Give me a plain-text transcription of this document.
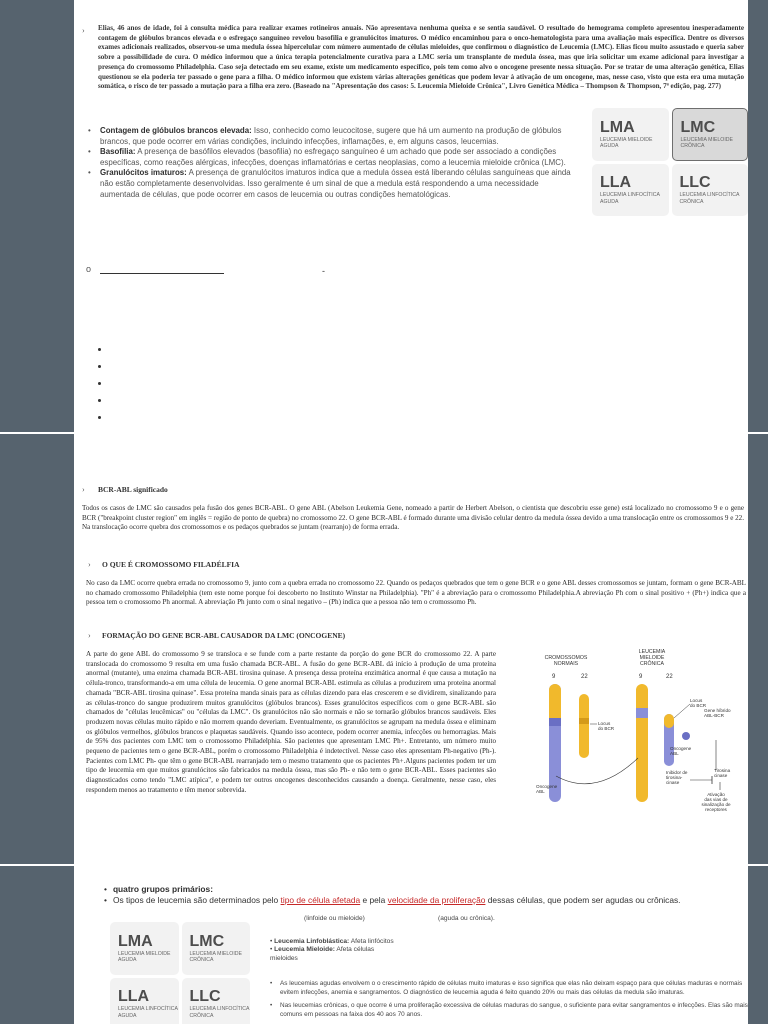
› Elias, 46 anos de idade, foi à consulta médica para realizar exames rotineiros anuais. Não apresentava nenhuma queixa e se sentia saudável. O resultado do hemograma completo apresentou inesperadamente contagem de glóbulos brancos elevada e o esfregaço sanguíneo revelou basofilia e granulócitos imaturos. O médico encaminhou para o onco-hematologista para uma avaliação mais específica. Dentre os diversos exames adicionais realizados, observou-se uma medula óssea hipercelular com número aumentado de células mieloides, que confirmou o diagnóstico de Leucemia (LMC). Elias ficou muito assustado e queria saber sobre a possibilidade de cura. O médico informou que a única terapia potencialmente curativa para a LMC seria um transplante de medula óssea, mas que iria solicitar um exame adicional para investigar a presença do cromossomo Philadelphia. Caso seja detectado em seu exame, existe um medicamento específico, pois tem como alvo o oncogene presente nessa situação. Por se tratar de uma alteração genética, Elias questionou se ela poderia ter passado o gene para a filha. O médico informou que existem várias alterações genéticas que podem levar à ativação de um oncogene, mas, nesse caso, visto que esta era uma mutação somática, o risco de ter passado a mutação para a filha era zero. (Baseado na "Apresentação dos casos: 5. Leucemia Mieloide Crônica", Livro Genética Médica – Thompson & Thompson, 7ª edição, pag. 277)

• Contagem de glóbulos brancos elevada: Isso, conhecido como leucocitose, sugere que há um aumento na produção de glóbulos brancos, que pode ocorrer em várias condições, incluindo infecções, inflamações, e, em alguns casos, leucemias.
• Basofilia: A presença de basófilos elevados (basofilia) no esfregaço sanguíneo é um achado que pode ser associado a condições específicas, como reações alérgicas, infecções, doenças inflamatórias e certas neoplasias, como a leucemia mieloide crônica (LMC).
• Granulócitos imaturos: A presença de granulócitos imaturos indica que a medula óssea está liberando células sanguíneas que ainda não estão completamente desenvolvidas. Isso geralmente é um sinal de que a medula está respondendo a uma necessidade aumentada de células, que pode ocorrer em casos de leucemia ou outras condições hematológicas.
LMA
LEUCEMIA MIELOIDE AGUDA
LMC
LEUCEMIA MIELOIDE CRÔNICA
LLA
LEUCEMIA LINFOCÍTICA AGUDA
LLC
LEUCEMIA LINFOCÍTICA CRÔNICA
o	-
› BCR-ABL significado

Todos os casos de LMC são causados pela fusão dos genes BCR-ABL. O gene ABL (Abelson Leukemia Gene, nomeado a partir de Herbert Abelson, o cientista que descobriu esse gene) está localizado no cromossomo 9 e o gene BCR ("breakpoint cluster region" em inglês = região de ponto de quebra) no cromossomo 22. O gene BCR-ABL é formado durante uma divisão celular dentro da medula óssea devido a uma translocação entre os cromossomos 9 e 22. Na translocação ocorre quebra dos cromossomos e os pedaços quebrados se juntam (rearranjo) de forma errada.

› O QUE É CROMOSSOMO FILADÉLFIA

No caso da LMC ocorre quebra errada no cromossomo 9, junto com a quebra errada no cromossomo 22. Quando os pedaços quebrados que tem o gene BCR e o gene ABL desses cromossomos se juntam, formam o gene BCR-ABL no chamado cromossomo Philadelphia (tem este nome porque foi descoberto no Instituto Winstar na Philadelphia). "Ph" é a abreviação para o cromossomo Philadelphia.A abreviação Ph com o sinal positivo + (Ph+) indica que a pessoa tem o cromossomo Ph anormal. A abreviação Ph junto com o sinal negativo – (Ph) indica que a pessoa não tem o cromossomo Ph.

› FORMAÇÃO DO GENE BCR-ABL CAUSADOR DA LMC (ONCOGENE)

A parte do gene ABL do cromossomo 9 se transloca e se funde com a parte restante da porção do gene BCR do cromossomo 22. A parte translocada do cromossomo 9 resulta em uma fusão chamada BCR-ABL. A fusão do gene BCR-ABL dá início à produção de uma proteína anormal (mutante), uma enzima chamada BCR-ABL tirosina quinase. A presença dessa proteína enzimática anormal é que causa a mutação na célula-tronco, transformando-a em uma célula de leucemia. O gene anormal BCR-ABL estimula as células a produzirem uma proteína anormal chamada "BCR-ABL tirosina quinase". Essa proteína manda sinais para as células dizendo para elas crescerem e se dividirem, sinalizando para as células-tronco do sangue produzirem muitos granulócitos (glóbulos brancos). Esses granulócitos específicos com o gene BCR-ABL são chamados de "células leucêmicas" ou "células da LMC". Os granulócitos não são normais e não se tornarão glóbulos brancos saudáveis. Eles produzem novas células muito rápido e não morrem quando deveriam. Eventualmente, os granulócitos se agrupam na medula óssea e eliminam os glóbulos vermelhos, glóbulos brancos e plaquetas saudáveis. Quando isso acontece, podem ocorrer anemia, infecções ou hemorragias. Mais de 95% dos pacientes com LMC tem o cromossomo Philadelphia. São pacientes que apresentam LMC Ph+. Entretanto, um número muito pequeno de pacientes tem o gene BCR-ABL, porém o cromossomo Philadelphia é indetectível. Nesse caso eles apresentam Ph-negativo (Ph-). Pacientes com LMC Ph- que têm o gene BCR-ABL rearranjado tem o mesmo tratamento que os pacientes Ph+.Alguns pacientes podem ter um tipo de leucemia em que muitos granulócitos são fabricados na medula óssea, mas são Ph- e não tem o gene BCR-ABL. Esses pacientes são diagnosticados como tendo "LMC atípica", e podem ter outros oncogenes desconhecidos causando a doença. Geralmente, nesse caso, eles respondem menos ao tratamento e têm menor sobrevida.

CROMOSSOMOS NORMAIS
LEUCEMIA MIELOIDE CRÔNICA
9	22	9	22
Locus do BCR
Locus do BCR
Gene híbrido ABL-BCR
Oncogene ABL
Inibidor de tirosina-cinase
Tirosina cinase
Ativação das vias de sinalização de receptores
Oncogene ABL
• quatro grupos primários:
• Os tipos de leucemia são determinados pelo tipo de célula afetada e pela velocidade da proliferação dessas células, que podem ser agudas ou crônicas.
(linfoide ou mieloide)	(aguda ou crônica).
LMA
LEUCEMIA MIELOIDE AGUDA
LMC
LEUCEMIA MIELOIDE CRÔNICA
LLA
LEUCEMIA LINFOCÍTICA AGUDA
LLC
LEUCEMIA LINFOCÍTICA CRÔNICA
• Leucemia Linfoblástica: Afeta linfócitos
• Leucemia Mieloide: Afeta células mieloides
• As leucemias agudas envolvem o o crescimento rápido de células muito imaturas e isso significa que elas não deixam espaço para que células maduras e normais evitem infecções, anemia e sangramentos. O diagnóstico de leucemia aguda é feito quando 20% ou mais das células da medula são imaturas.
• Nas leucemias crônicas, o que ocorre é uma proliferação excessiva de células maduras do sangue, o suficiente para evitar sangramentos e infecções. Elas são mais comuns em pessoas na faixa dos 40 aos 70 anos.
